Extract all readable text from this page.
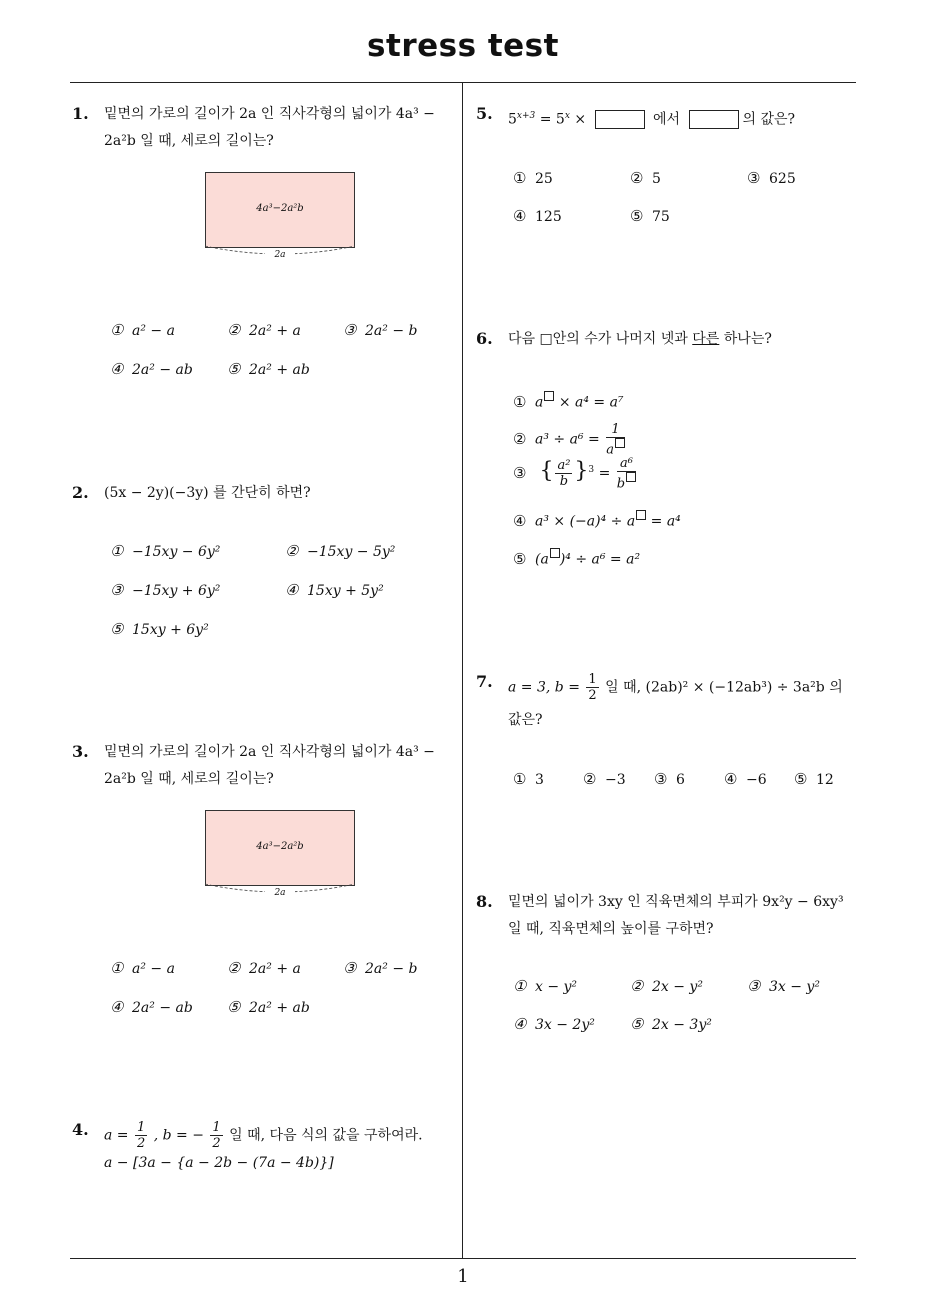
stress test
1
1. 밑면의 가로의 길이가 2a 인 직사각형의 넓이가 4a³ −
2a²b 일 때, 세로의 길이는?
4a³−2a²b
2a
① a² − a	② 2a² + a	③ 2a² − b
④ 2a² − ab ⑤ 2a² + ab
2. (5x − 2y)(−3y) 를 간단히 하면?
① −15xy − 6y²	② −15xy − 5y²
③ −15xy + 6y²	④ 15xy + 5y²
⑤ 15xy + 6y²
3. 밑면의 가로의 길이가 2a 인 직사각형의 넓이가 4a³ −
2a²b 일 때, 세로의 길이는?
4a³−2a²b
2a
① a² − a	② 2a² + a	③ 2a² − b
④ 2a² − ab ⑤ 2a² + ab
4. $a = \frac{1}{2}$ , b = − $\frac{1}{2}$ 일 때, 다음 식의 값을 구하여라.
a − [3a − {a − 2b − (7a − 4b)}]
5. $5^{x+3} = 5^x$ ×	에서	의 값은?
① 25	② 5	③ 625
④ 125	⑤ 75
6. 다음 □안의 수가 나머지 넷과 다른 하나는?
① a × a⁴ = a⁷
② $a^3 \div a^6 = \frac{1}{a}$
③ { $\frac{\text{a²}}{b} \}^3 = \frac{\text{a⁶}}{b}$
④ a³ × (−a)⁴ ÷ a = a⁴
⑤ (a )⁴ ÷ a⁶ = a²
7. a = 3, $b = \frac{1}{2}$ 일 때, (2ab)² × (−12ab³) ÷ 3a²b 의
값은?
① 3	② −3 ③ 6	④ −6 ⑤ 12
8. 밑면의 넓이가 3xy 인 직육면체의 부피가 9x²y − 6xy³
일 때, 직육면체의 높이를 구하면?
① x − y²	② 2x − y²	③ 3x − y²
④ 3x − 2y² ⑤ 2x − 3y²
